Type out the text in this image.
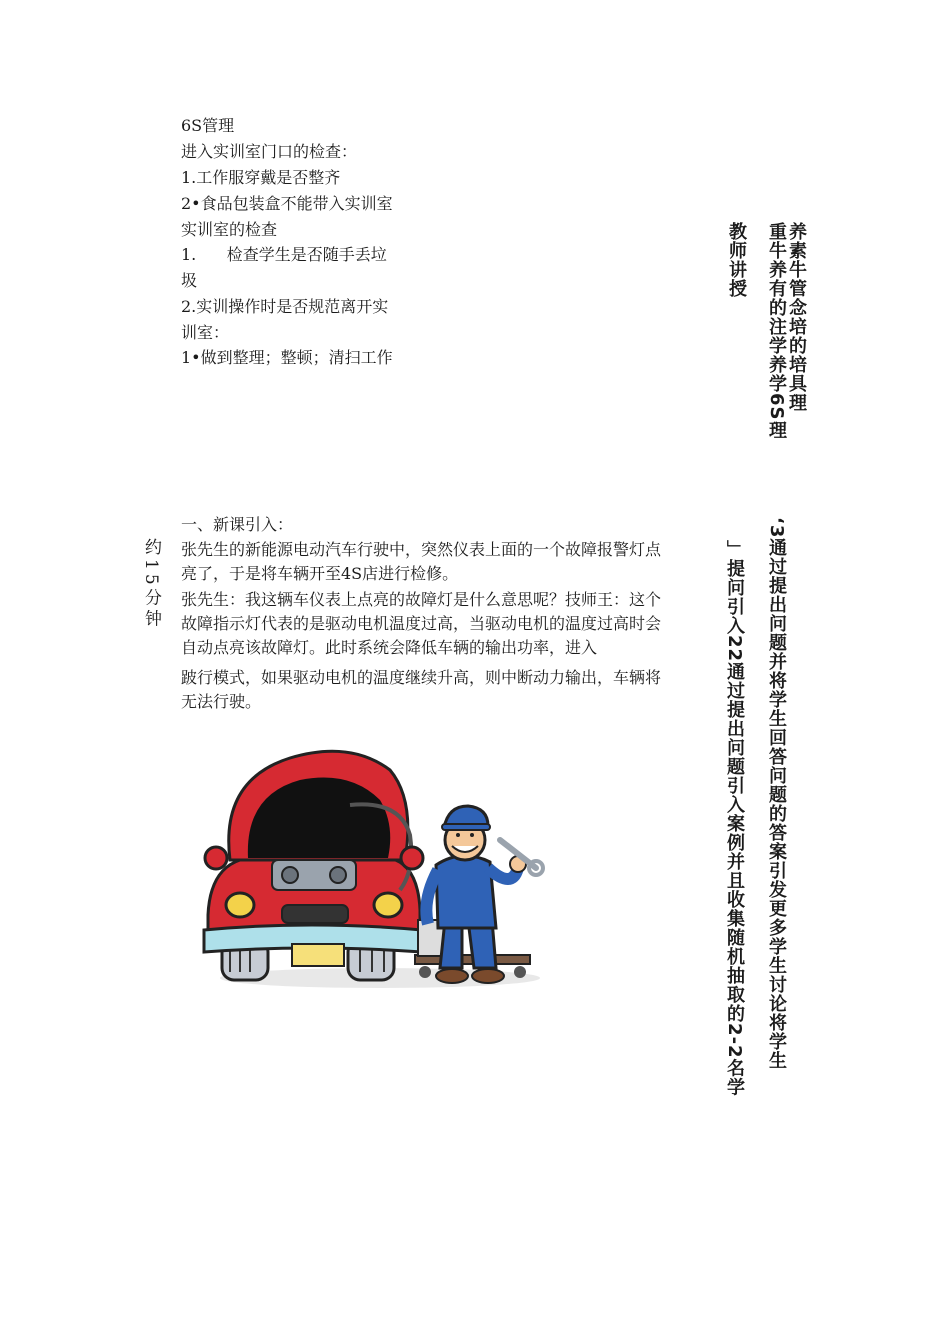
6S管理
进入实训室门口的检查：
1.工作服穿戴是否整齐
2•食品包装盒不能带入实训室
实训室的检查
1.      检查学生是否随手丢垃
圾
2.实训操作时是否规范离开实
训室：
1•做到整理；整顿；清扫工作
教师讲授 重牛养有的注学养学6S理 养素牛管念培的培具理
约15分钟
一、新课引入：
张先生的新能源电动汽车行驶中，突然仪表上面的一个故障报警灯点
亮了，于是将车辆开至4S店进行检修。
张先生：我这辆车仪表上点亮的故障灯是什么意思呢？技师王：这个
故障指示灯代表的是驱动电机温度过高，当驱动电机的温度过高时会
自动点亮该故障灯。此时系统会降低车辆的输出功率，进入
跛行模式，如果驱动电机的温度继续升高，则中断动力输出，车辆将
无法行驶。	」提问引入22通过提出问题引入案例并且收集随机抽取的2-2名学 ‘3通过提出问题并将学生回答问题的答案引发更多学生讨论将学生
